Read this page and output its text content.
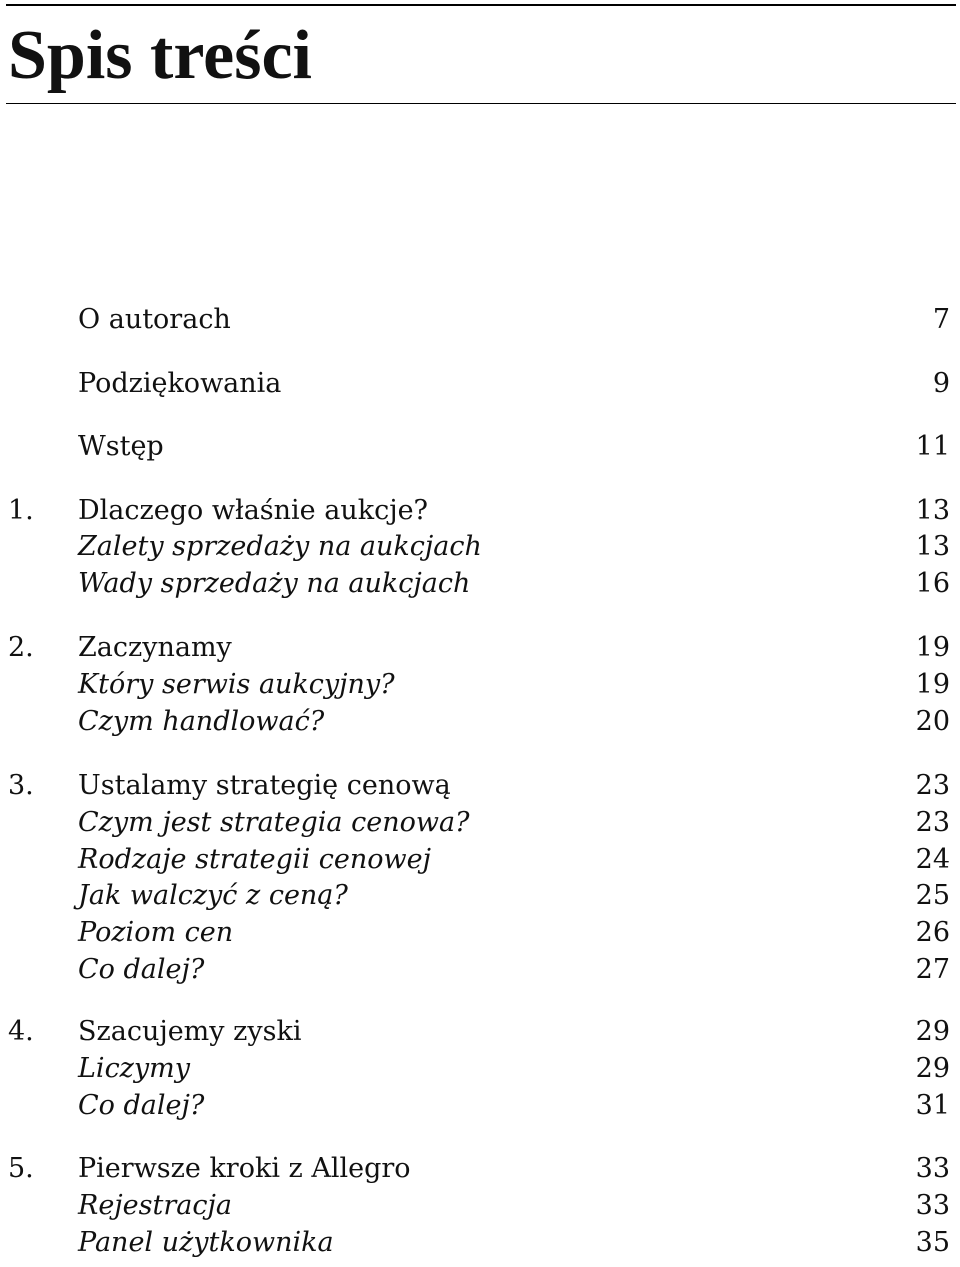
Spis treści
O autorach	7
Podziękowania	9
Wstęp	11
1. Dlaczego właśnie aukcje?	13
Zalety sprzedaży na aukcjach	13
Wady sprzedaży na aukcjach	16
2. Zaczynamy	19
Który serwis aukcyjny?	19
Czym handlować?	20
3. Ustalamy strategię cenową	23
Czym jest strategia cenowa?	23
Rodzaje strategii cenowej	24
Jak walczyć z ceną?	25
Poziom cen	26
Co dalej?	27
4. Szacujemy zyski	29
Liczymy	29
Co dalej?	31
5. Pierwsze kroki z Allegro	33
Rejestracja	33
Panel użytkownika	35
